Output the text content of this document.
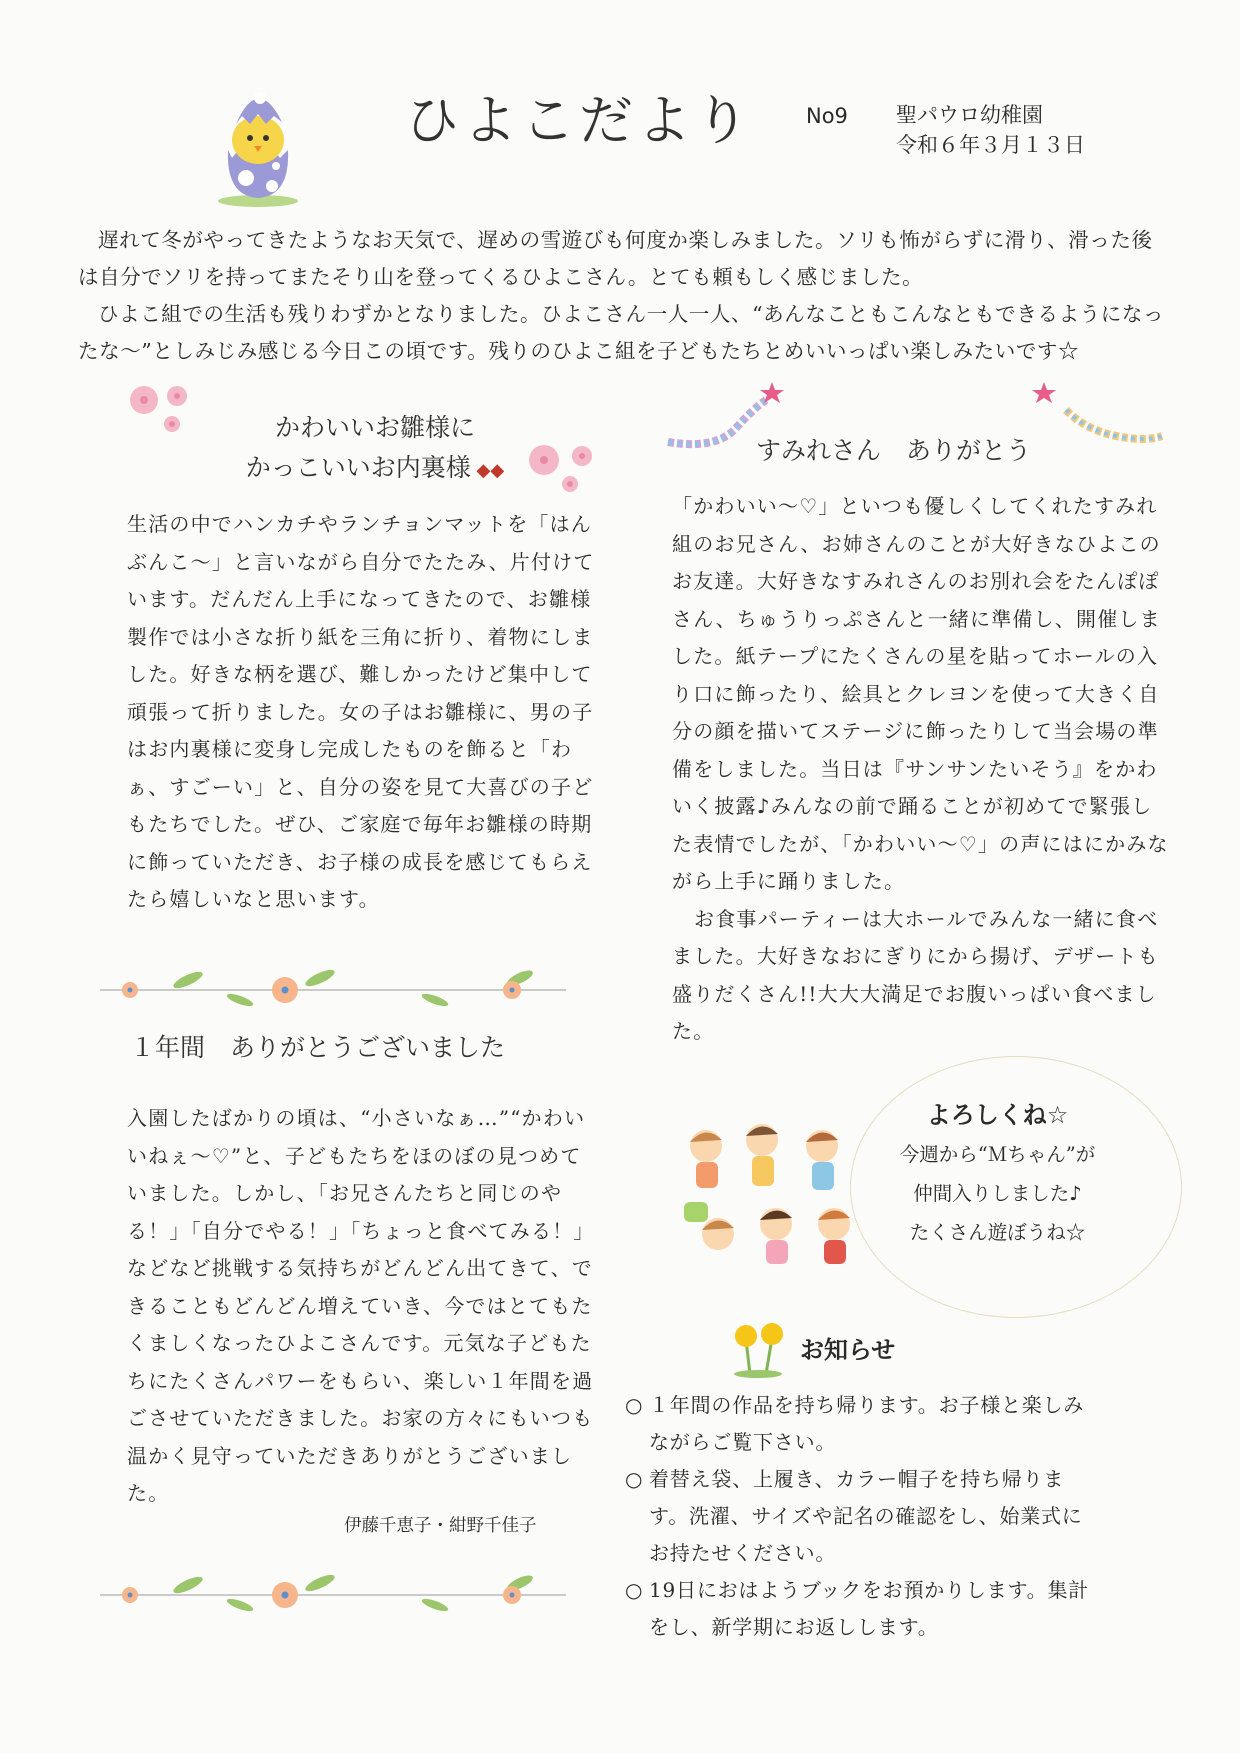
ひよこだより	No9 聖パウロ幼稚園
令和６年３月１３日

遅れて冬がやってきたようなお天気で、遅めの雪遊びも何度か楽しみました。ソリも怖がらずに滑り、滑った後は自分でソリを持ってまたそり山を登ってくるひよこさん。とても頼もしく感じました。

ひよこ組での生活も残りわずかとなりました。ひよこさん一人一人、“あんなこともこんなともできるようになったな～”としみじみ感じる今日この頃です。残りのひよこ組を子どもたちとめいいっぱい楽しみたいです☆

かわいいお雛様に
かっこいいお内裏様 ◆◆

生活の中でハンカチやランチョンマットを「はんぶんこ～」と言いながら自分でたたみ、片付けています。だんだん上手になってきたので、お雛様製作では小さな折り紙を三角に折り、着物にしました。好きな柄を選び、難しかったけど集中して頑張って折りました。女の子はお雛様に、男の子はお内裏様に変身し完成したものを飾ると「わぁ、すごーい」と、自分の姿を見て大喜びの子どもたちでした。ぜひ、ご家庭で毎年お雛様の時期に飾っていただき、お子様の成長を感じてもらえたら嬉しいなと思います。

１年間　ありがとうございました

入園したばかりの頃は、“小さいなぁ…”“かわいいねぇ～♡”と、子どもたちをほのぼの見つめていました。しかし、「お兄さんたちと同じのやる！」「自分でやる！」「ちょっと食べてみる！」などなど挑戦する気持ちがどんどん出てきて、できることもどんどん増えていき、今ではとてもたくましくなったひよこさんです。元気な子どもたちにたくさんパワーをもらい、楽しい１年間を過ごさせていただきました。お家の方々にもいつも温かく見守っていただきありがとうございました。

伊藤千恵子・紺野千佳子
すみれさん　ありがとう

「かわいい～♡」といつも優しくしてくれたすみれ組のお兄さん、お姉さんのことが大好きなひよこのお友達。大好きなすみれさんのお別れ会をたんぽぽさん、ちゅうりっぷさんと一緒に準備し、開催しました。紙テープにたくさんの星を貼ってホールの入り口に飾ったり、絵具とクレヨンを使って大きく自分の顔を描いてステージに飾ったりして当会場の準備をしました。当日は『サンサンたいそう』をかわいく披露♪みんなの前で踊ることが初めてで緊張した表情でしたが、「かわいい～♡」の声にはにかみながら上手に踊りました。

お食事パーティーは大ホールでみんな一緒に食べました。大好きなおにぎりにから揚げ、デザートも盛りだくさん!!大大大満足でお腹いっぱい食べました。

よろしくね☆
今週から“Ｍちゃん”が
仲間入りしました♪
たくさん遊ぼうね☆
お知らせ
○ １年間の作品を持ち帰ります。お子様と楽しみながらご覧下さい。
○ 着替え袋、上履き、カラー帽子を持ち帰ります。洗濯、サイズや記名の確認をし、始業式にお持たせください。
○ 19日におはようブックをお預かりします。集計をし、新学期にお返しします。
